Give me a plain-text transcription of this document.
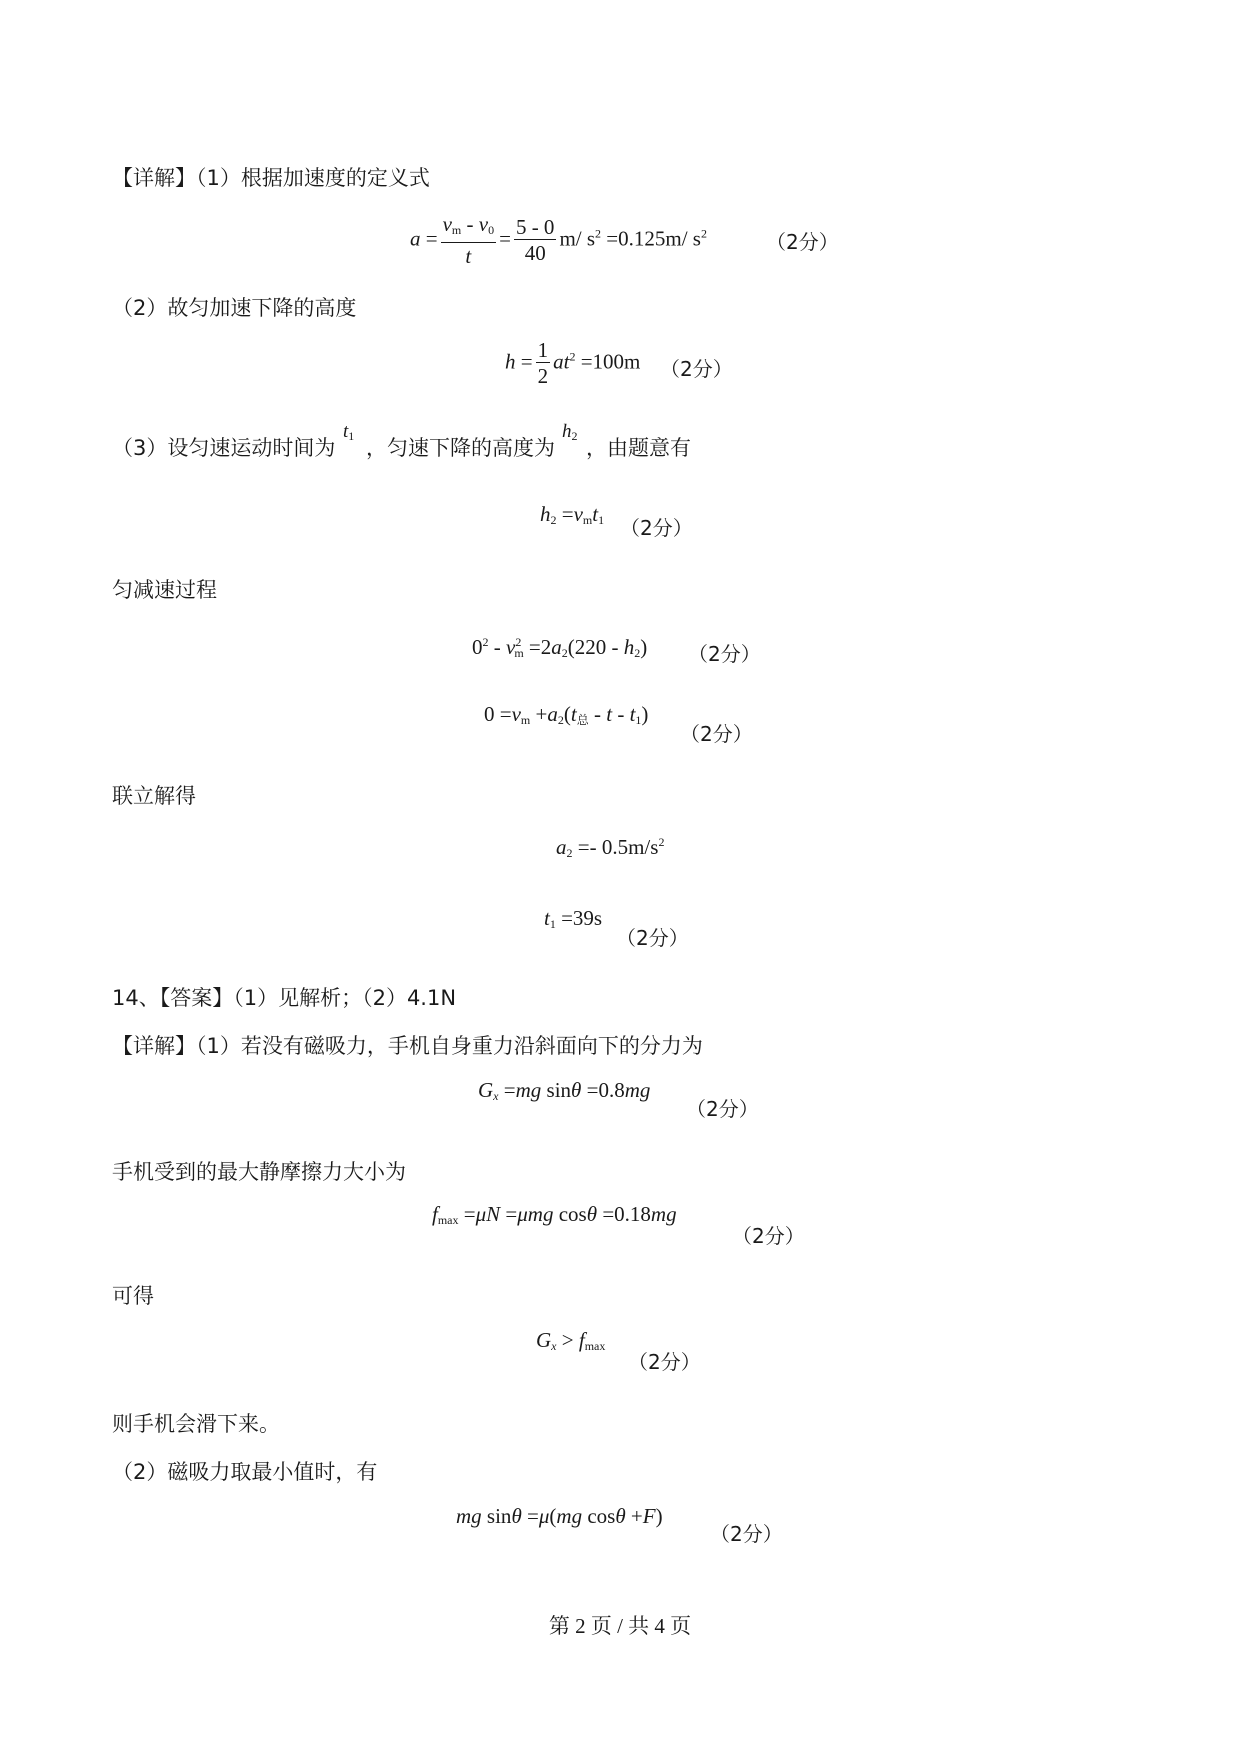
【详解】（1）根据加速度的定义式
$a = \frac{v_m - v_0}{t} = \frac{5 - 0}{40} m/$ $s^2 =0.125m/$ $s^2$	（2分）
（2）故匀加速下降的高度
$h = \frac{1}{2} at^2 =100m$ （2分）
（3）设匀速运动时间为
$t_1$ ，匀速下降的高度为
$h_2$ ，由题意有
$h_2 =v_mt_1$ （2分）
匀减速过程
$0^2 - v^2_m =2a_2(220 - h_2)$ （2分）
$0 =v_m +a_2(t_总 - t - t_1)$
（2分）
联立解得
$a_2 =- 0.5m/s^2$
$t_1 =39s$
（2分）
14、【答案】（1）见解析；（2）4.1N
【详解】（1）若没有磁吸力，手机自身重力沿斜面向下的分力为
$G_x =mg$ sinθ =0.8mg
（2分）
手机受到的最大静摩擦力大小为
$f_{max} =\mu N =\mu mg$ cosθ =0.18mg
（2分）
可得
$G_x > f_{max}$
（2分）
则手机会滑下来。
（2）磁吸力取最小值时，有
mg sinθ =μ(mg cosθ +F)
（2分）
第 2 页 / 共 4 页
